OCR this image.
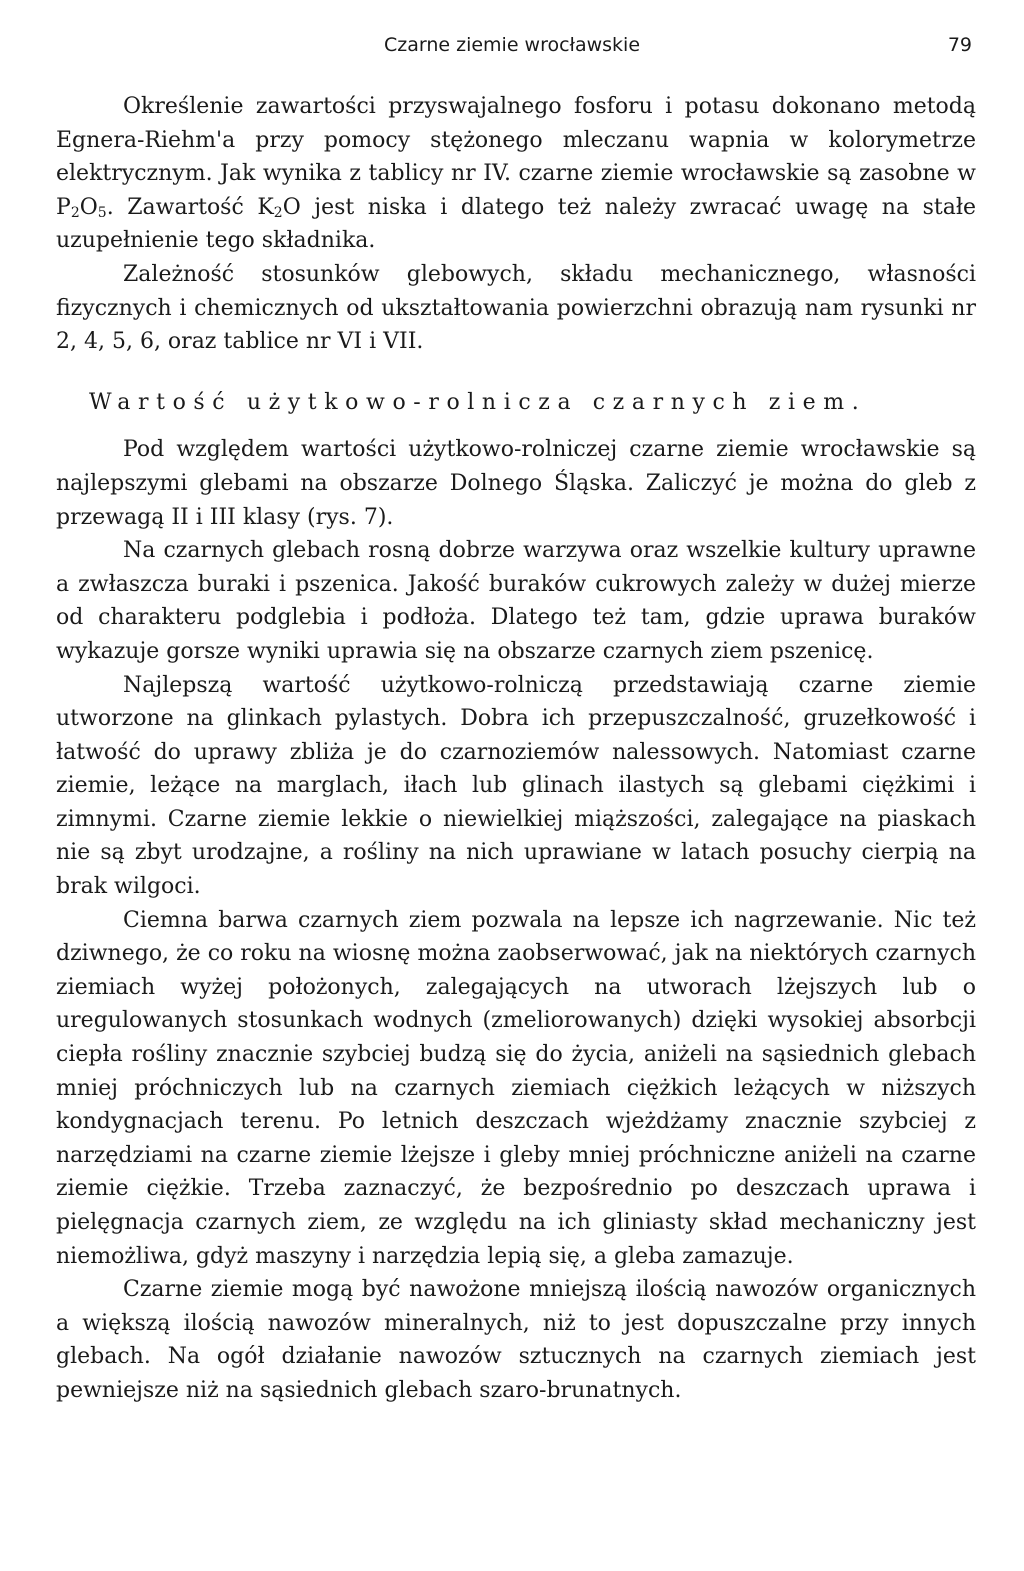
Czarne ziemie wrocławskie	79

Określenie zawartości przyswajalnego fosforu i potasu dokonano metodą Egnera-Riehm'a przy pomocy stężonego mleczanu wapnia w kolorymetrze elektrycznym. Jak wynika z tablicy nr IV. czarne ziemie wrocławskie są zasobne w $P_2O_5$. Zawartość $K_2O$ jest niska i dlatego też należy zwracać uwagę na stałe uzupełnienie tego składnika.

Zależność stosunków glebowych, składu mechanicznego, własności fizycznych i chemicznych od ukształtowania powierzchni obrazują nam rysunki nr 2, 4, 5, 6, oraz tablice nr VI i VII.

Wartość użytkowo-rolnicza czarnych ziem.

Pod względem wartości użytkowo-rolniczej czarne ziemie wrocławskie są najlepszymi glebami na obszarze Dolnego Śląska. Zaliczyć je można do gleb z przewagą II i III klasy (rys. 7).

Na czarnych glebach rosną dobrze warzywa oraz wszelkie kultury uprawne a zwłaszcza buraki i pszenica. Jakość buraków cukrowych zależy w dużej mierze od charakteru podglebia i podłoża. Dlatego też tam, gdzie uprawa buraków wykazuje gorsze wyniki uprawia się na obszarze czarnych ziem pszenicę.

Najlepszą wartość użytkowo-rolniczą przedstawiają czarne ziemie utworzone na glinkach pylastych. Dobra ich przepuszczalność, gruzełkowość i łatwość do uprawy zbliża je do czarnoziemów nalessowych. Natomiast czarne ziemie, leżące na marglach, iłach lub glinach ilastych są glebami ciężkimi i zimnymi. Czarne ziemie lekkie o niewielkiej miąższości, zalegające na piaskach nie są zbyt urodzajne, a rośliny na nich uprawiane w latach posuchy cierpią na brak wilgoci.

Ciemna barwa czarnych ziem pozwala na lepsze ich nagrzewanie. Nic też dziwnego, że co roku na wiosnę można zaobserwować, jak na niektórych czarnych ziemiach wyżej położonych, zalegających na utworach lżejszych lub o uregulowanych stosunkach wodnych (zmeliorowanych) dzięki wysokiej absorbcji ciepła rośliny znacznie szybciej budzą się do życia, aniżeli na sąsiednich glebach mniej próchniczych lub na czarnych ziemiach ciężkich leżących w niższych kondygnacjach terenu. Po letnich deszczach wjeżdżamy znacznie szybciej z narzędziami na czarne ziemie lżejsze i gleby mniej próchniczne aniżeli na czarne ziemie ciężkie. Trzeba zaznaczyć, że bezpośrednio po deszczach uprawa i pielęgnacja czarnych ziem, ze względu na ich gliniasty skład mechaniczny jest niemożliwa, gdyż maszyny i narzędzia lepią się, a gleba zamazuje.

Czarne ziemie mogą być nawożone mniejszą ilością nawozów organicznych a większą ilością nawozów mineralnych, niż to jest dopuszczalne przy innych glebach. Na ogół działanie nawozów sztucznych na czarnych ziemiach jest pewniejsze niż na sąsiednich glebach szaro-brunatnych.
